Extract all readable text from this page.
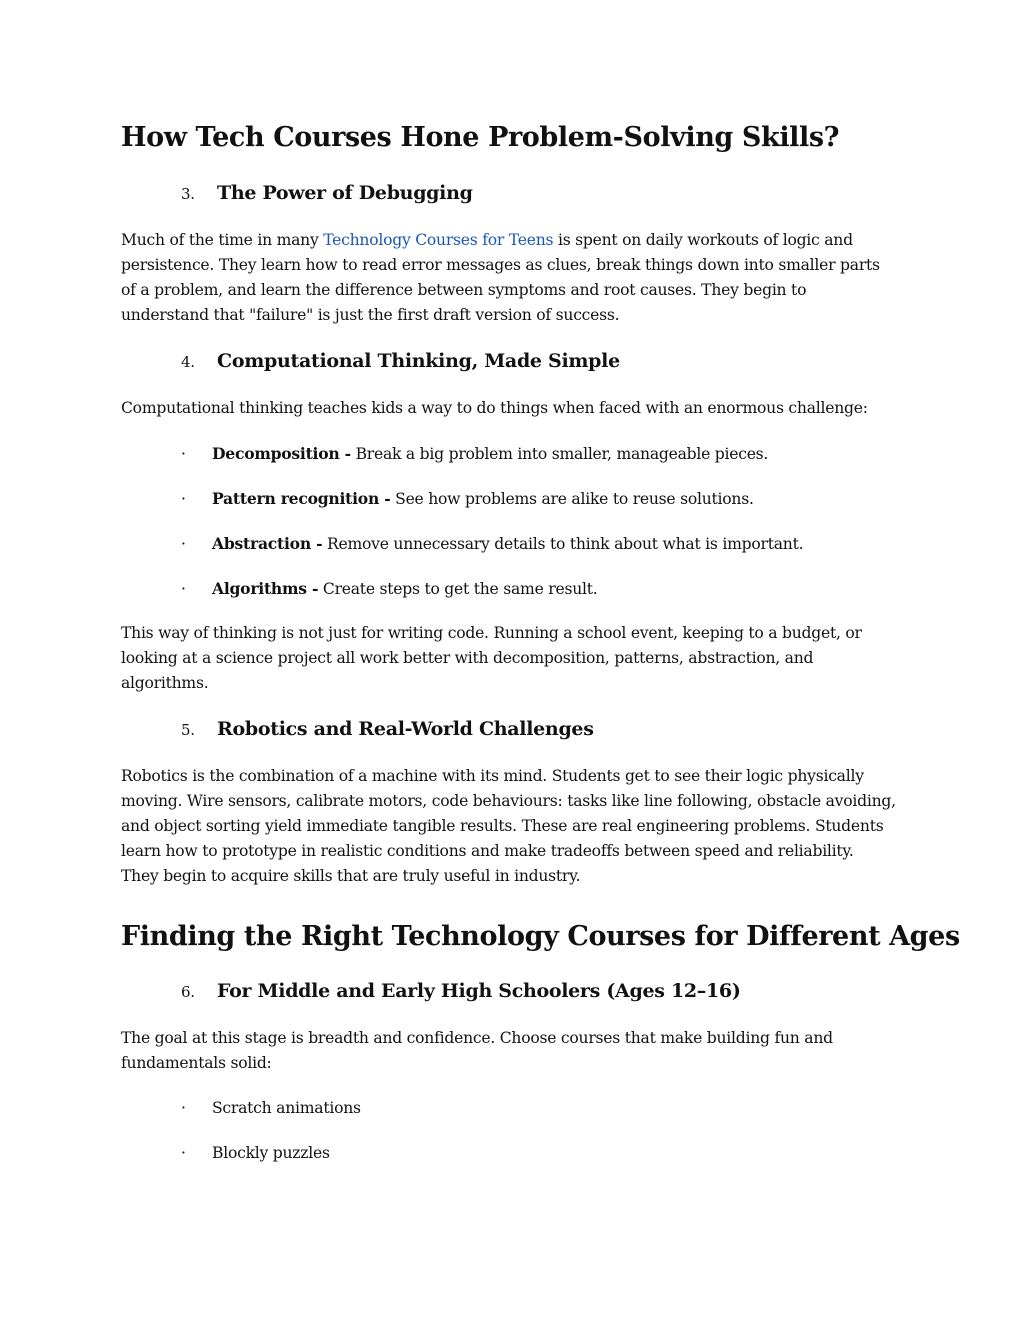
How Tech Courses Hone Problem-Solving Skills?
3. The Power of Debugging
Much of the time in many Technology Courses for Teens is spent on daily workouts of logic and
persistence. They learn how to read error messages as clues, break things down into smaller parts
of a problem, and learn the difference between symptoms and root causes. They begin to
understand that "failure" is just the first draft version of success.
4. Computational Thinking, Made Simple
Computational thinking teaches kids a way to do things when faced with an enormous challenge:
· Decomposition - Break a big problem into smaller, manageable pieces.
· Pattern recognition - See how problems are alike to reuse solutions.
· Abstraction - Remove unnecessary details to think about what is important.
· Algorithms - Create steps to get the same result.
This way of thinking is not just for writing code. Running a school event, keeping to a budget, or
looking at a science project all work better with decomposition, patterns, abstraction, and
algorithms.
5. Robotics and Real-World Challenges
Robotics is the combination of a machine with its mind. Students get to see their logic physically
moving. Wire sensors, calibrate motors, code behaviours: tasks like line following, obstacle avoiding,
and object sorting yield immediate tangible results. These are real engineering problems. Students
learn how to prototype in realistic conditions and make tradeoffs between speed and reliability.
They begin to acquire skills that are truly useful in industry.
Finding the Right Technology Courses for Different Ages
6. For Middle and Early High Schoolers (Ages 12–16)
The goal at this stage is breadth and confidence. Choose courses that make building fun and
fundamentals solid:
· Scratch animations
· Blockly puzzles
